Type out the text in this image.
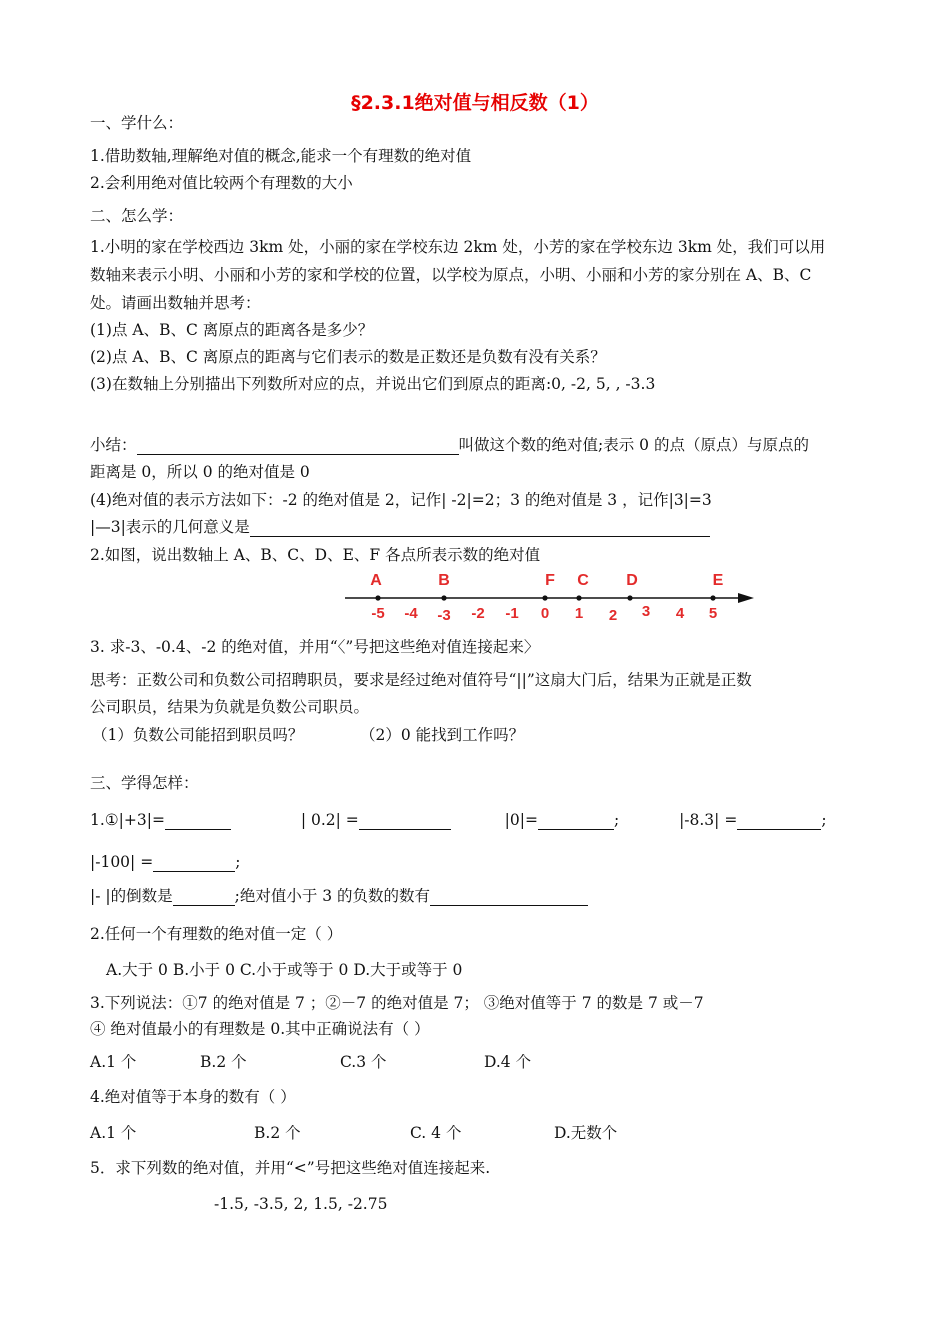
§2.3.1绝对值与相反数（1）
一、学什么：
1.借助数轴,理解绝对值的概念,能求一个有理数的绝对值
2.会利用绝对值比较两个有理数的大小
二、怎么学：
1.小明的家在学校西边 3km 处，小丽的家在学校东边 2km 处，小芳的家在学校东边 3km 处，我们可以用
数轴来表示小明、小丽和小芳的家和学校的位置，以学校为原点，小明、小丽和小芳的家分别在 A、B、C
处。请画出数轴并思考：
(1)点 A、B、C 离原点的距离各是多少？
(2)点 A、B、C 离原点的距离与它们表示的数是正数还是负数有没有关系？
(3)在数轴上分别描出下列数所对应的点，并说出它们到原点的距离:0, -2, 5, , -3.3
小结：	叫做这个数的绝对值;表示 0 的点（原点）与原点的
距离是 0，所以 0 的绝对值是 0
(4)绝对值的表示方法如下：-2 的绝对值是 2，记作| -2|=2；3 的绝对值是 3 ，记作|3|=3
|—3|表示的几何意义是
2.如图，说出数轴上 A、B、C、D、E、F 各点所表示数的绝对值
-5 -4 -3 -2 -1 0 1 2 3 4 5
A	B	F C D	E
3. 求-3、-0.4、-2 的绝对值，并用“〈”号把这些绝对值连接起来〉
思考：正数公司和负数公司招聘职员，要求是经过绝对值符号“||”这扇大门后，结果为正就是正数
公司职员，结果为负就是负数公司职员。
（1）负数公司能招到职员吗？	（2）0 能找到工作吗？
三、学得怎样：
1.①|+3|=	| 0.2| =	|0|=	;	|-8.3| =	;
|-100| =	;
|- |的倒数是	;绝对值小于 3 的负数的数有
2.任何一个有理数的绝对值一定（ ）
A.大于 0 B.小于 0 C.小于或等于 0 D.大于或等于 0
3.下列说法：①7 的绝对值是 7 ；②－7 的绝对值是 7； ③绝对值等于 7 的数是 7 或－7
④ 绝对值最小的有理数是 0.其中正确说法有（ ）
A.1 个	B.2 个	C.3 个	D.4 个
4.绝对值等于本身的数有（ ）
A.1 个	B.2 个	C. 4 个	D.无数个
5．求下列数的绝对值，并用“<”号把这些绝对值连接起来.
-1.5, -3.5, 2, 1.5, -2.75
